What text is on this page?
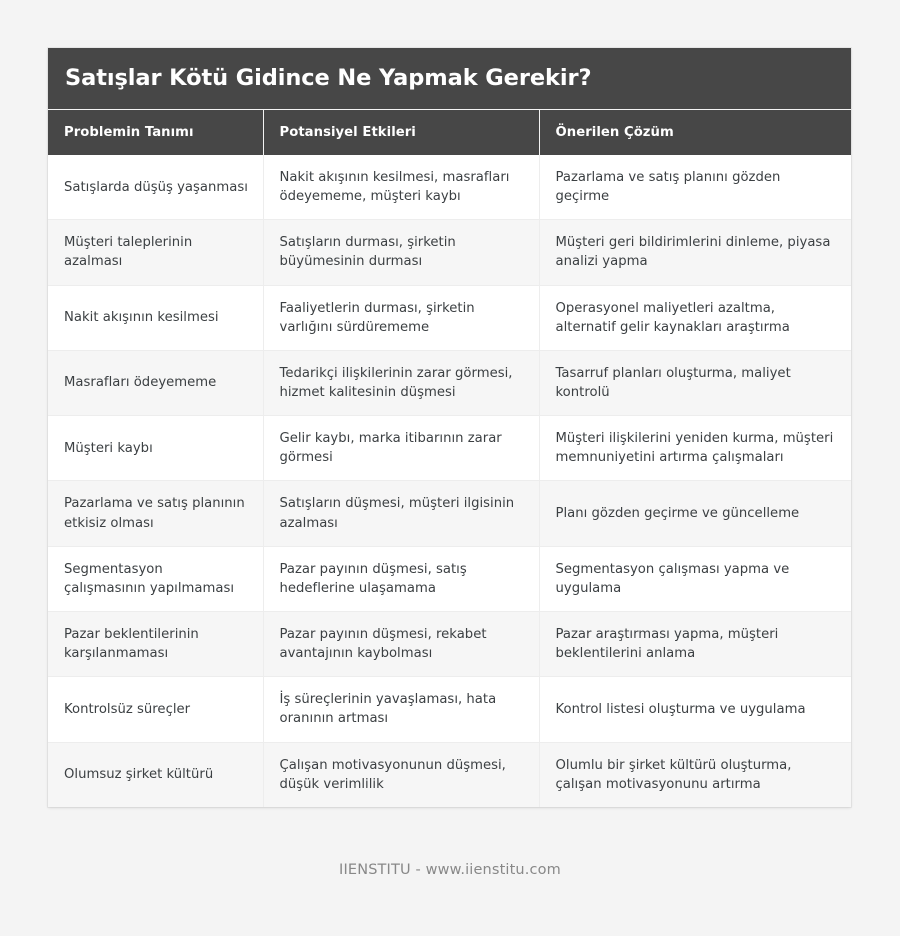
Satışlar Kötü Gidince Ne Yapmak Gerekir?
Problemin Tanımı	Potansiyel Etkileri	Önerilen Çözüm
Satışlarda düşüş yaşanması	Nakit akışının kesilmesi, masrafları ödeyememe, müşteri kaybı	Pazarlama ve satış planını gözden geçirme
Müşteri taleplerinin azalması	Satışların durması, şirketin büyümesinin durması	Müşteri geri bildirimlerini dinleme, piyasa analizi yapma
Nakit akışının kesilmesi	Faaliyetlerin durması, şirketin varlığını sürdürememe	Operasyonel maliyetleri azaltma, alternatif gelir kaynakları araştırma
Masrafları ödeyememe	Tedarikçi ilişkilerinin zarar görmesi, hizmet kalitesinin düşmesi	Tasarruf planları oluşturma, maliyet kontrolü
Müşteri kaybı	Gelir kaybı, marka itibarının zarar görmesi	Müşteri ilişkilerini yeniden kurma, müşteri memnuniyetini artırma çalışmaları
Pazarlama ve satış planının etkisiz olması	Satışların düşmesi, müşteri ilgisinin azalması	Planı gözden geçirme ve güncelleme
Segmentasyon çalışmasının yapılmaması	Pazar payının düşmesi, satış hedeflerine ulaşamama	Segmentasyon çalışması yapma ve uygulama
Pazar beklentilerinin karşılanmaması	Pazar payının düşmesi, rekabet avantajının kaybolması	Pazar araştırması yapma, müşteri beklentilerini anlama
Kontrolsüz süreçler	İş süreçlerinin yavaşlaması, hata oranının artması	Kontrol listesi oluşturma ve uygulama
Olumsuz şirket kültürü	Çalışan motivasyonunun düşmesi, düşük verimlilik	Olumlu bir şirket kültürü oluşturma, çalışan motivasyonunu artırma
IIENSTITU - www.iienstitu.com
